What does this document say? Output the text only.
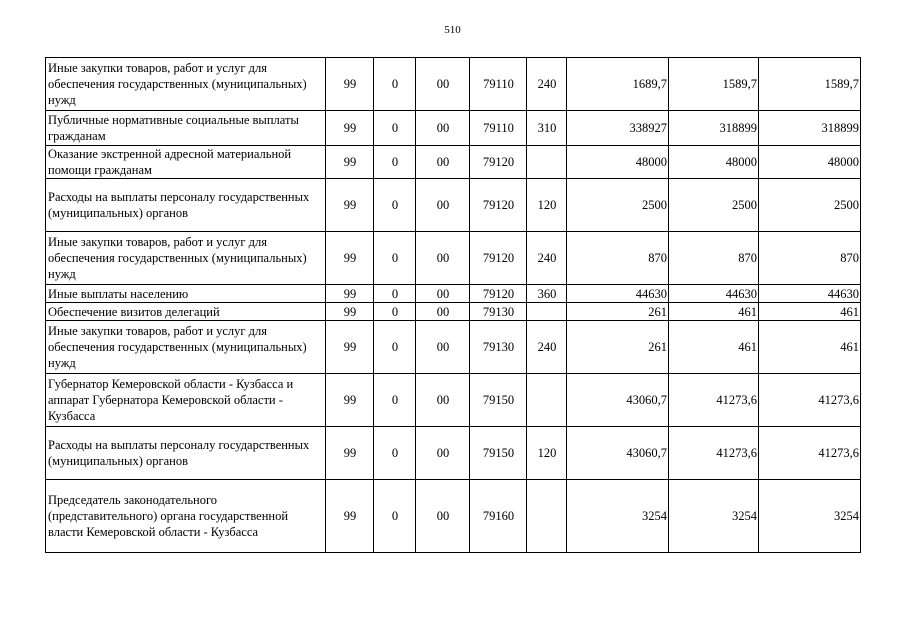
510
Иные закупки товаров, работ и услуг для обеспечения государственных (муниципальных) нужд	99	0	00	79110	240	1689,7	1589,7	1589,7
Публичные нормативные социальные выплаты гражданам	99	0	00	79110	310	338927	318899	318899
Оказание экстренной адресной материальной помощи гражданам	99	0	00	79120		48000	48000	48000
Расходы на выплаты персоналу государственных (муниципальных) органов	99	0	00	79120	120	2500	2500	2500
Иные закупки товаров, работ и услуг для обеспечения государственных (муниципальных) нужд	99	0	00	79120	240	870	870	870
Иные выплаты населению	99	0	00	79120	360	44630	44630	44630
Обеспечение визитов делегаций	99	0	00	79130		261	461	461
Иные закупки товаров, работ и услуг для обеспечения государственных (муниципальных) нужд	99	0	00	79130	240	261	461	461
Губернатор Кемеровской области - Кузбасса и аппарат Губернатора Кемеровской области - Кузбасса	99	0	00	79150		43060,7	41273,6	41273,6
Расходы на выплаты персоналу государственных (муниципальных) органов	99	0	00	79150	120	43060,7	41273,6	41273,6
Председатель законодательного (представительного) органа государственной власти Кемеровской области - Кузбасса	99	0	00	79160		3254	3254	3254
